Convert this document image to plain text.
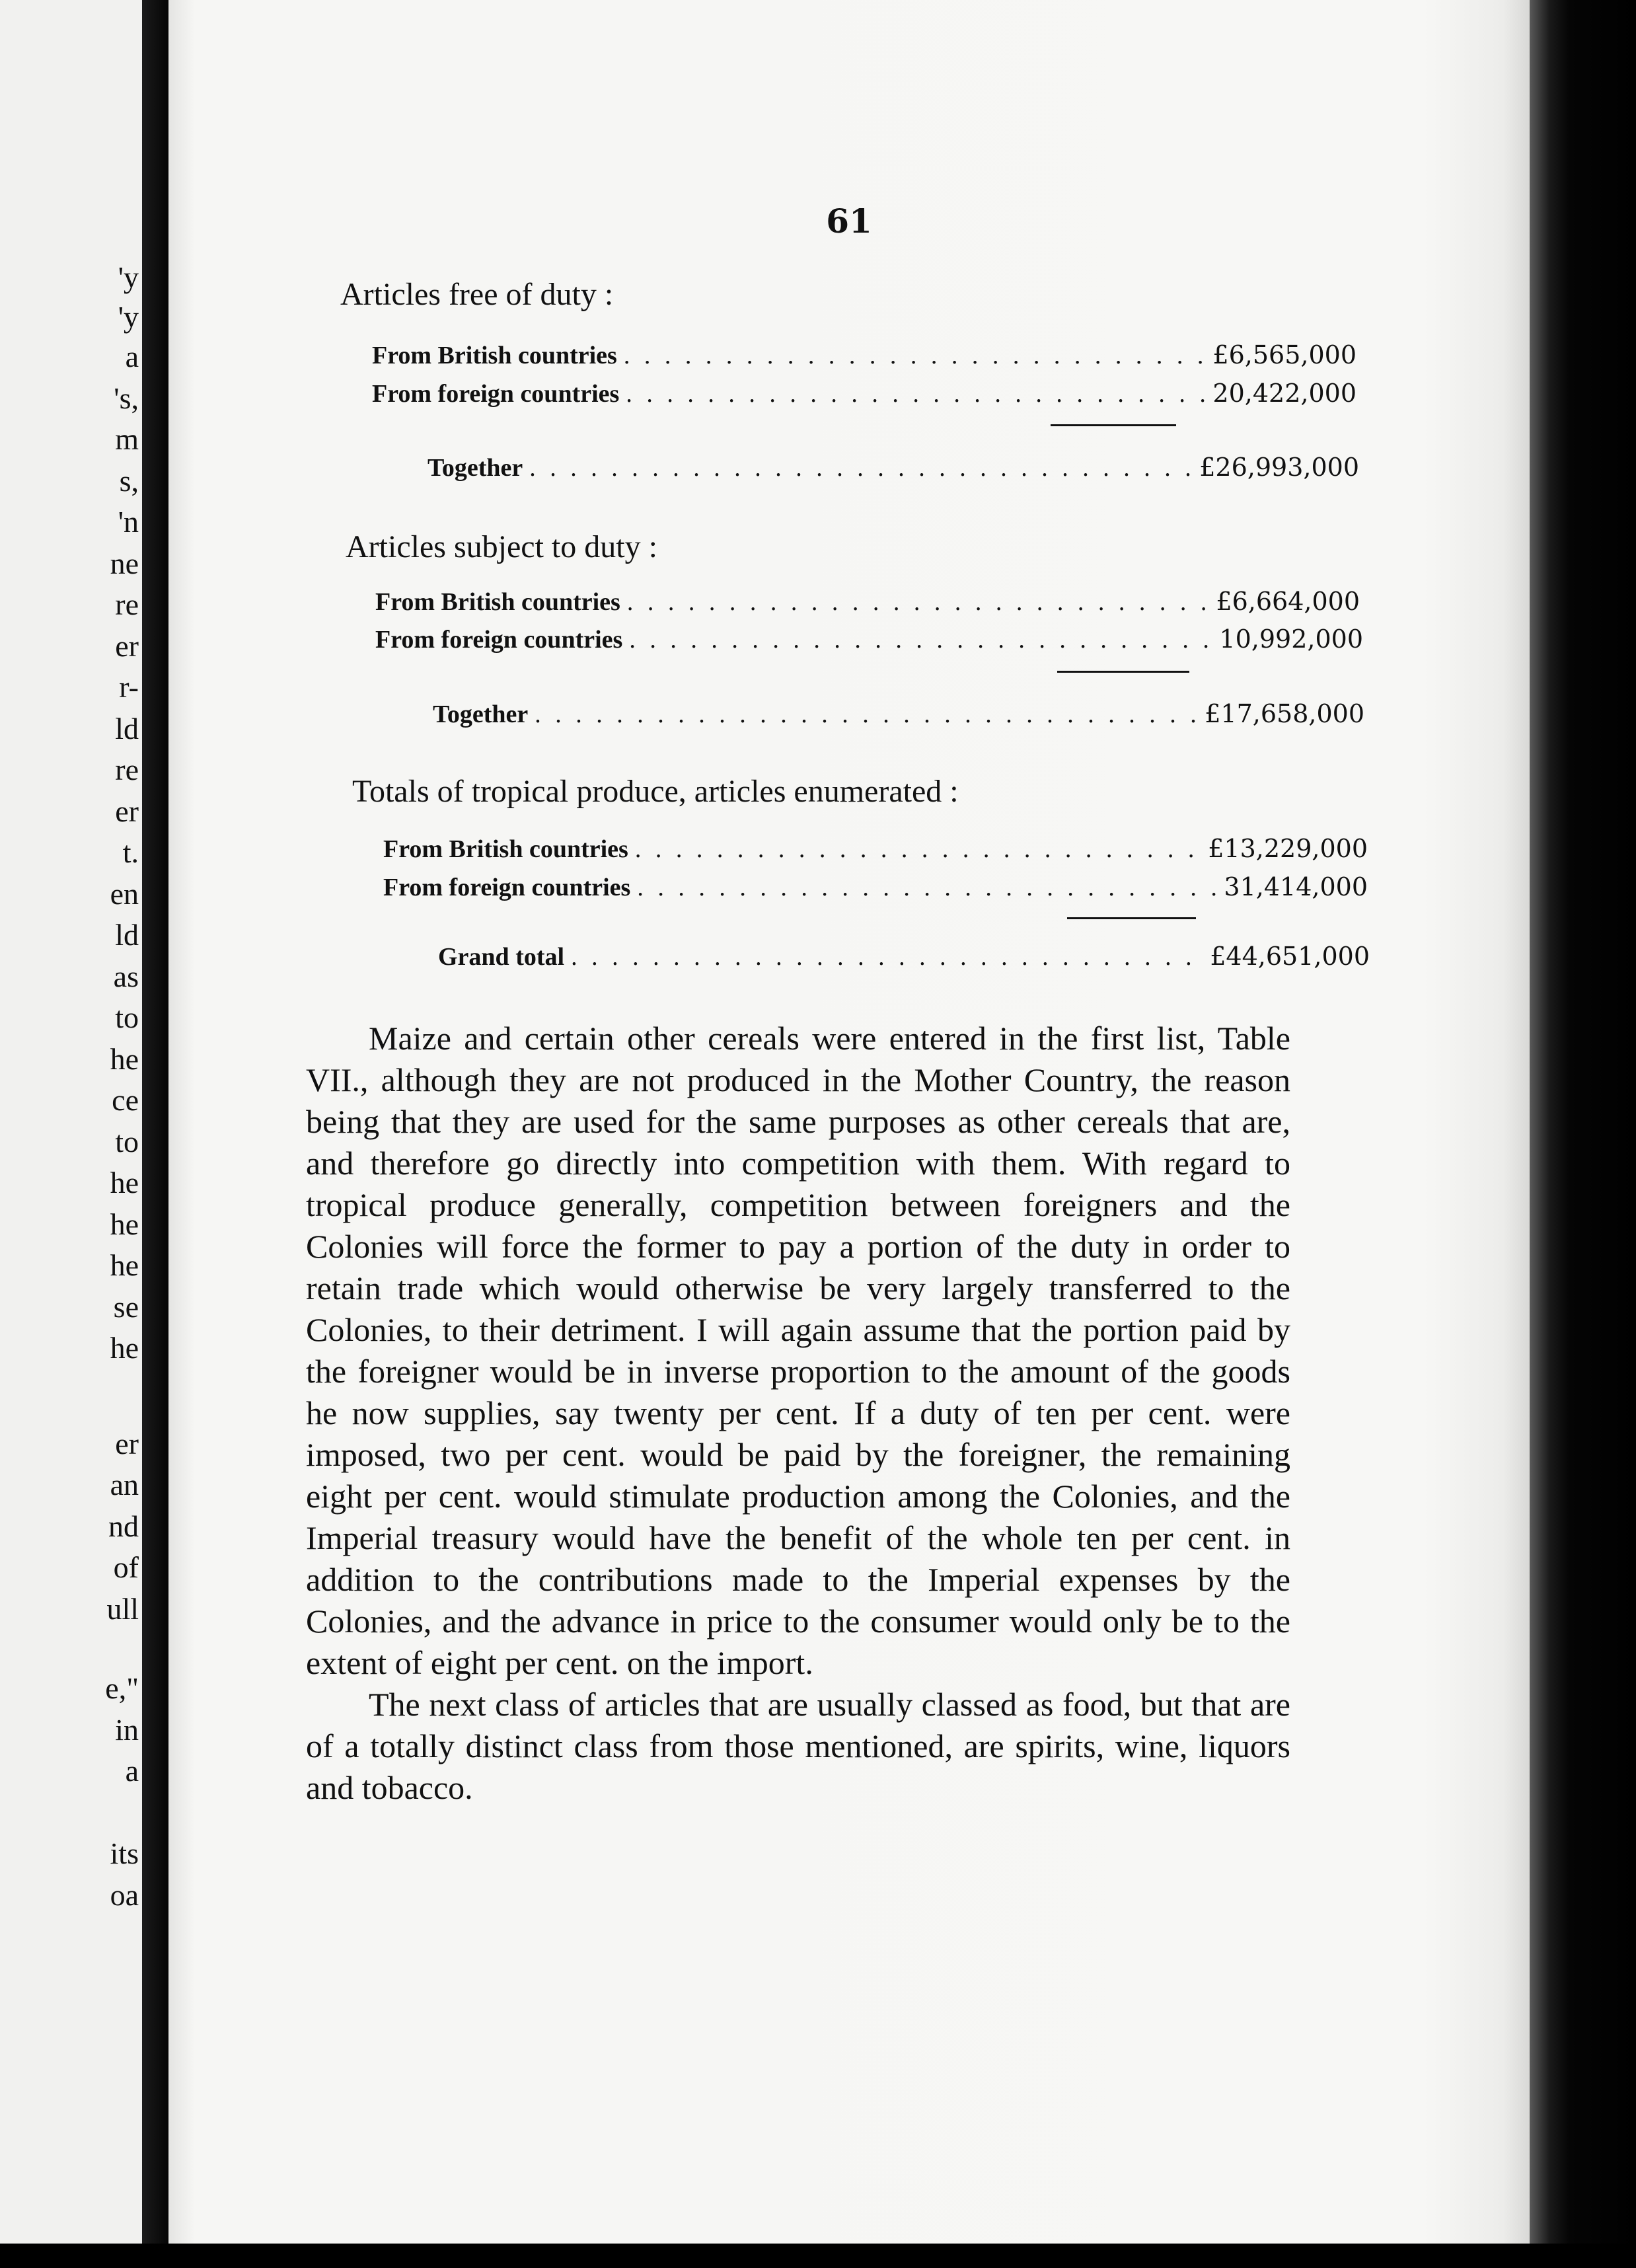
'y
'y
a
's,
m
s,
'n
ne
re
er
r-
ld
re
er
t.
en
ld
as
to
he
ce
to
he
he
he
se
he
er
an
nd
of
ull
e,"
in
a
its
oa
61
Articles free of duty :
From British countries . . .	£6,565,000
From foreign countries . . .	20,422,000
Together . . .	£26,993,000
Articles subject to duty :
From British countries . . .	£6,664,000
From foreign countries . . .	10,992,000
Together . . .	£17,658,000
Totals of tropical produce, articles enumerated :
From British countries . . .	£13,229,000
From foreign countries . . .	31,414,000
Grand total . . .	£44,651,000

Maize and certain other cereals were entered in the first list, Table VII., although they are not produced in the Mother Country, the reason being that they are used for the same purposes as other cereals that are, and therefore go directly into competition with them. With regard to tropical produce generally, competition between foreigners and the Colonies will force the former to pay a portion of the duty in order to retain trade which would otherwise be very largely transferred to the Colonies, to their detriment. I will again assume that the portion paid by the foreigner would be in inverse proportion to the amount of the goods he now supplies, say twenty per cent. If a duty of ten per cent. were imposed, two per cent. would be paid by the foreigner, the remaining eight per cent. would stimulate production among the Colonies, and the Imperial treasury would have the benefit of the whole ten per cent. in addition to the contributions made to the Imperial expenses by the Colonies, and the advance in price to the consumer would only be to the extent of eight per cent. on the import.

The next class of articles that are usually classed as food, but that are of a totally distinct class from those mentioned, are spirits, wine, liquors and tobacco.
